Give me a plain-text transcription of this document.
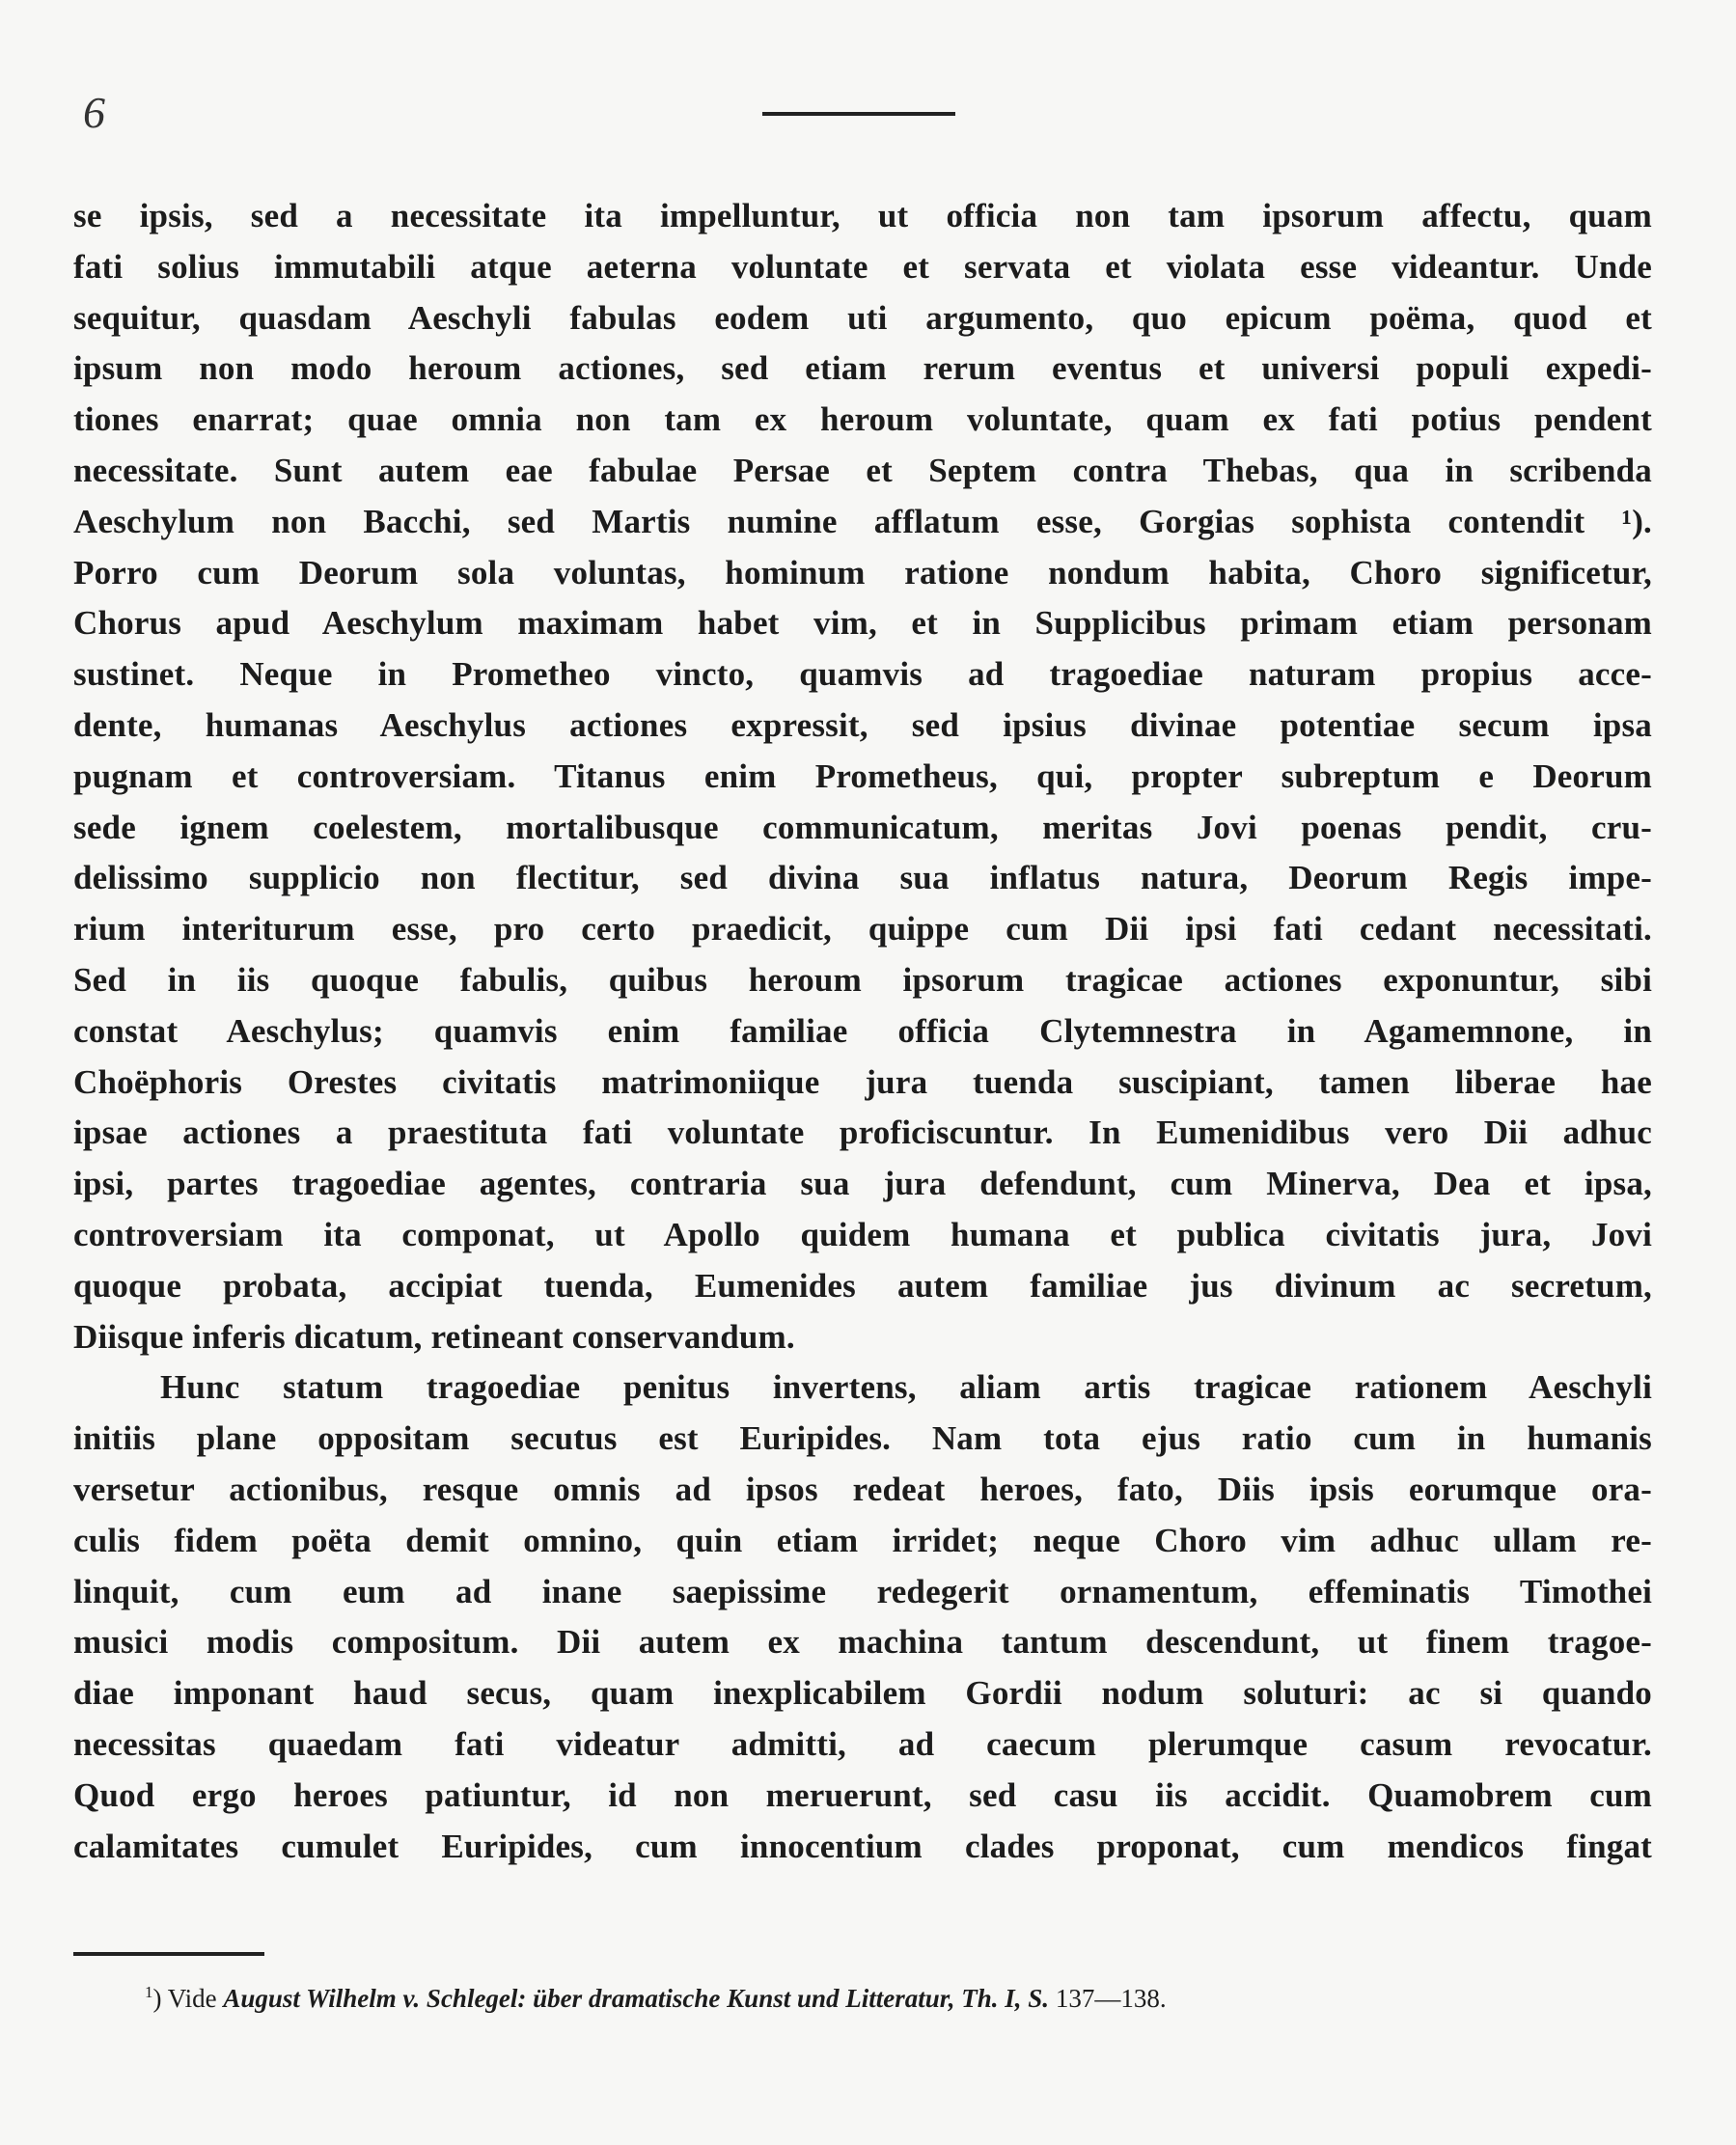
6
se ipsis, sed a necessitate ita impelluntur, ut officia non tam ipsorum affectu, quam
fati solius immutabili atque aeterna voluntate et servata et violata esse videantur. Unde
sequitur, quasdam Aeschyli fabulas eodem uti argumento, quo epicum poëma, quod et
ipsum non modo heroum actiones, sed etiam rerum eventus et universi populi expedi-
tiones enarrat; quae omnia non tam ex heroum voluntate, quam ex fati potius pendent
necessitate. Sunt autem eae fabulae Persae et Septem contra Thebas, qua in scribenda
Aeschylum non Bacchi, sed Martis numine afflatum esse, Gorgias sophista contendit ¹).
Porro cum Deorum sola voluntas, hominum ratione nondum habita, Choro significetur,
Chorus apud Aeschylum maximam habet vim, et in Supplicibus primam etiam personam
sustinet. Neque in Prometheo vincto, quamvis ad tragoediae naturam propius acce-
dente, humanas Aeschylus actiones expressit, sed ipsius divinae potentiae secum ipsa
pugnam et controversiam. Titanus enim Prometheus, qui, propter subreptum e Deorum
sede ignem coelestem, mortalibusque communicatum, meritas Jovi poenas pendit, cru-
delissimo supplicio non flectitur, sed divina sua inflatus natura, Deorum Regis impe-
rium interiturum esse, pro certo praedicit, quippe cum Dii ipsi fati cedant necessitati.
Sed in iis quoque fabulis, quibus heroum ipsorum tragicae actiones exponuntur, sibi
constat Aeschylus; quamvis enim familiae officia Clytemnestra in Agamemnone, in
Choëphoris Orestes civitatis matrimoniique jura tuenda suscipiant, tamen liberae hae
ipsae actiones a praestituta fati voluntate proficiscuntur. In Eumenidibus vero Dii adhuc
ipsi, partes tragoediae agentes, contraria sua jura defendunt, cum Minerva, Dea et ipsa,
controversiam ita componat, ut Apollo quidem humana et publica civitatis jura, Jovi
quoque probata, accipiat tuenda, Eumenides autem familiae jus divinum ac secretum,
Diisque inferis dicatum, retineant conservandum.
Hunc statum tragoediae penitus invertens, aliam artis tragicae rationem Aeschyli
initiis plane oppositam secutus est Euripides. Nam tota ejus ratio cum in humanis
versetur actionibus, resque omnis ad ipsos redeat heroes, fato, Diis ipsis eorumque ora-
culis fidem poëta demit omnino, quin etiam irridet; neque Choro vim adhuc ullam re-
linquit, cum eum ad inane saepissime redegerit ornamentum, effeminatis Timothei
musici modis compositum. Dii autem ex machina tantum descendunt, ut finem tragoe-
diae imponant haud secus, quam inexplicabilem Gordii nodum soluturi: ac si quando
necessitas quaedam fati videatur admitti, ad caecum plerumque casum revocatur.
Quod ergo heroes patiuntur, id non meruerunt, sed casu iis accidit. Quamobrem cum
calamitates cumulet Euripides, cum innocentium clades proponat, cum mendicos fingat
$^1$) Vide August Wilhelm v. Schlegel: über dramatische Kunst und Litteratur, Th. I, S. 137—138.
